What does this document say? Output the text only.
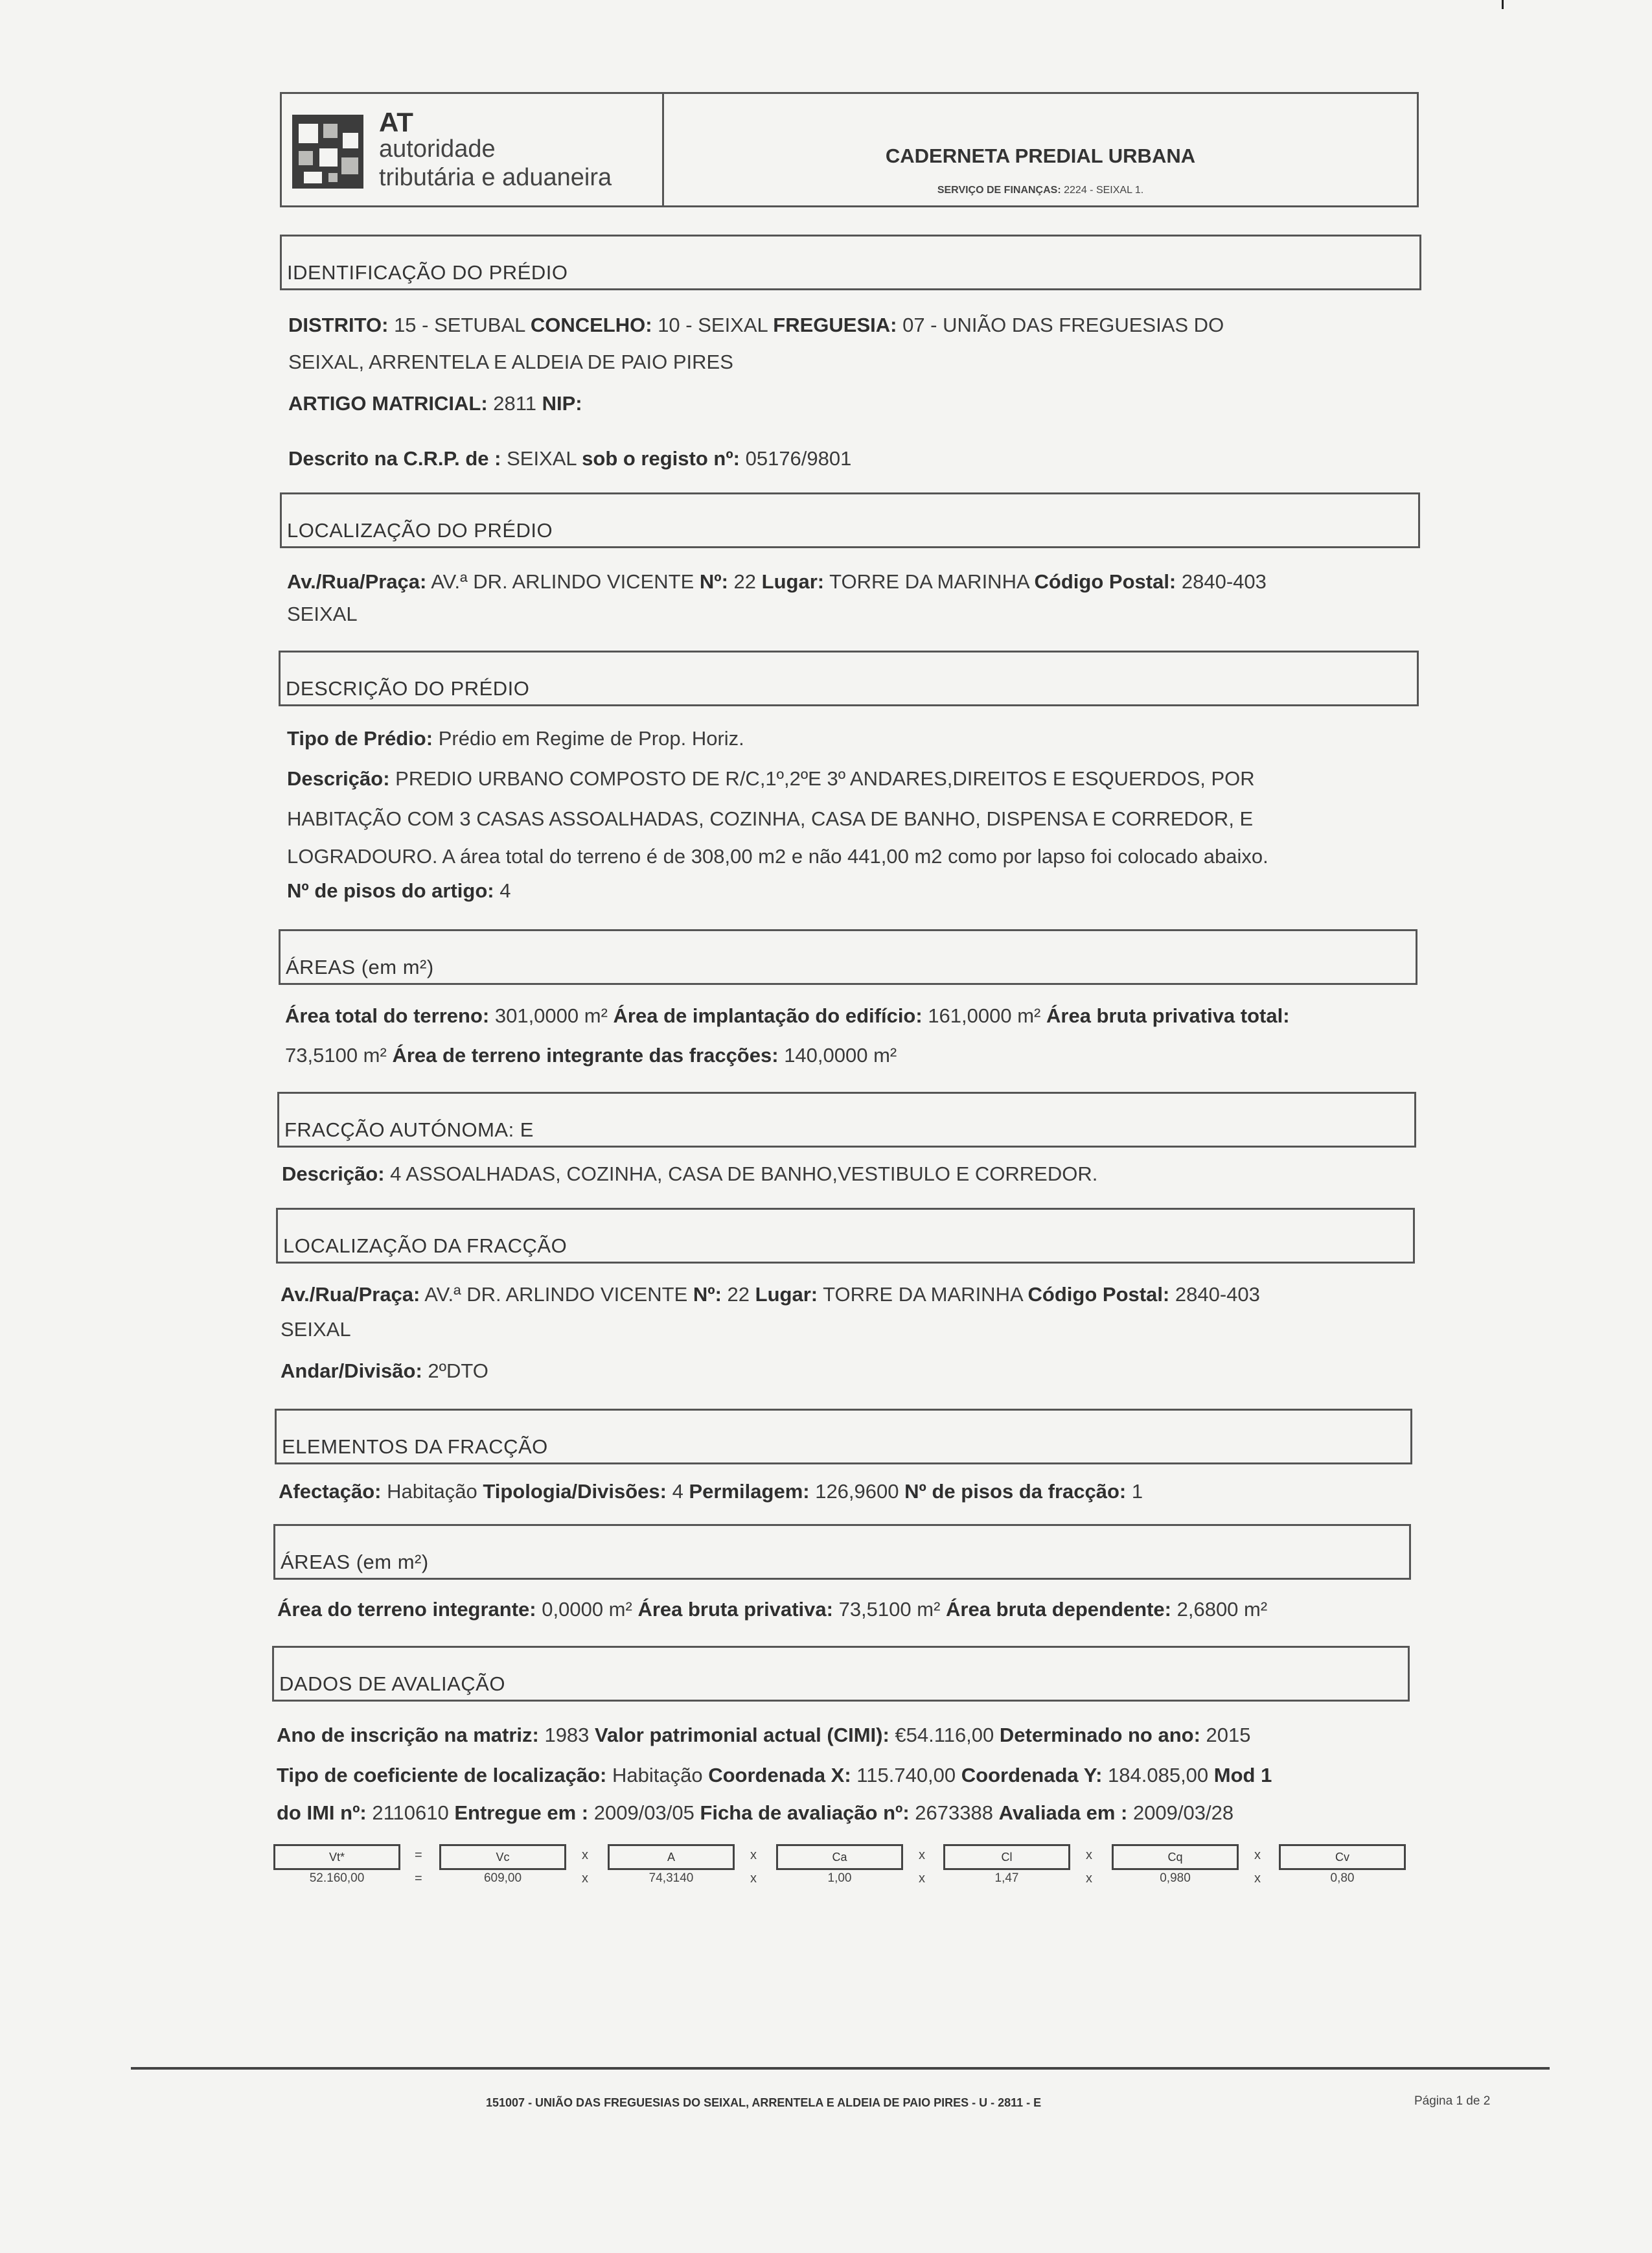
AT
autoridade
tributária e aduaneira
CADERNETA PREDIAL URBANA
SERVIÇO DE FINANÇAS: 2224 - SEIXAL 1.
IDENTIFICAÇÃO DO PRÉDIO
DISTRITO: 15 - SETUBAL CONCELHO: 10 - SEIXAL FREGUESIA: 07 - UNIÃO DAS FREGUESIAS DO
SEIXAL, ARRENTELA E ALDEIA DE PAIO PIRES
ARTIGO MATRICIAL: 2811 NIP:
Descrito na C.R.P. de : SEIXAL sob o registo nº: 05176/9801
LOCALIZAÇÃO DO PRÉDIO
Av./Rua/Praça: AV.ª DR. ARLINDO VICENTE Nº: 22 Lugar: TORRE DA MARINHA Código Postal: 2840-403
SEIXAL
DESCRIÇÃO DO PRÉDIO
Tipo de Prédio: Prédio em Regime de Prop. Horiz.
Descrição: PREDIO URBANO COMPOSTO DE R/C,1º,2ºE 3º ANDARES,DIREITOS E ESQUERDOS, POR
HABITAÇÃO COM 3 CASAS ASSOALHADAS, COZINHA, CASA DE BANHO, DISPENSA E CORREDOR, E
LOGRADOURO. A área total do terreno é de 308,00 m2 e não 441,00 m2 como por lapso foi colocado abaixo.
Nº de pisos do artigo: 4
ÁREAS (em m²)
Área total do terreno: 301,0000 m² Área de implantação do edifício: 161,0000 m² Área bruta privativa total:
73,5100 m² Área de terreno integrante das fracções: 140,0000 m²
FRACÇÃO AUTÓNOMA: E
Descrição: 4 ASSOALHADAS, COZINHA, CASA DE BANHO,VESTIBULO E CORREDOR.
LOCALIZAÇÃO DA FRACÇÃO
Av./Rua/Praça: AV.ª DR. ARLINDO VICENTE Nº: 22 Lugar: TORRE DA MARINHA Código Postal: 2840-403
SEIXAL
Andar/Divisão: 2ºDTO
ELEMENTOS DA FRACÇÃO
Afectação: Habitação Tipologia/Divisões: 4 Permilagem: 126,9600 Nº de pisos da fracção: 1
ÁREAS (em m²)
Área do terreno integrante: 0,0000 m² Área bruta privativa: 73,5100 m² Área bruta dependente: 2,6800 m²
DADOS DE AVALIAÇÃO
Ano de inscrição na matriz: 1983 Valor patrimonial actual (CIMI): €54.116,00 Determinado no ano: 2015
Tipo de coeficiente de localização: Habitação Coordenada X: 115.740,00 Coordenada Y: 184.085,00 Mod 1
do IMI nº: 2110610 Entregue em : 2009/03/05 Ficha de avaliação nº: 2673388 Avaliada em : 2009/03/28
Vt*	=	Vc	x	A	x	Ca	x	Cl	x	Cq	x	Cv
52.160,00	=	609,00	x	74,3140	x	1,00	x	1,47	x	0,980	x	0,80
151007 - UNIÃO DAS FREGUESIAS DO SEIXAL, ARRENTELA E ALDEIA DE PAIO PIRES - U - 2811 - E	Página 1 de 2
